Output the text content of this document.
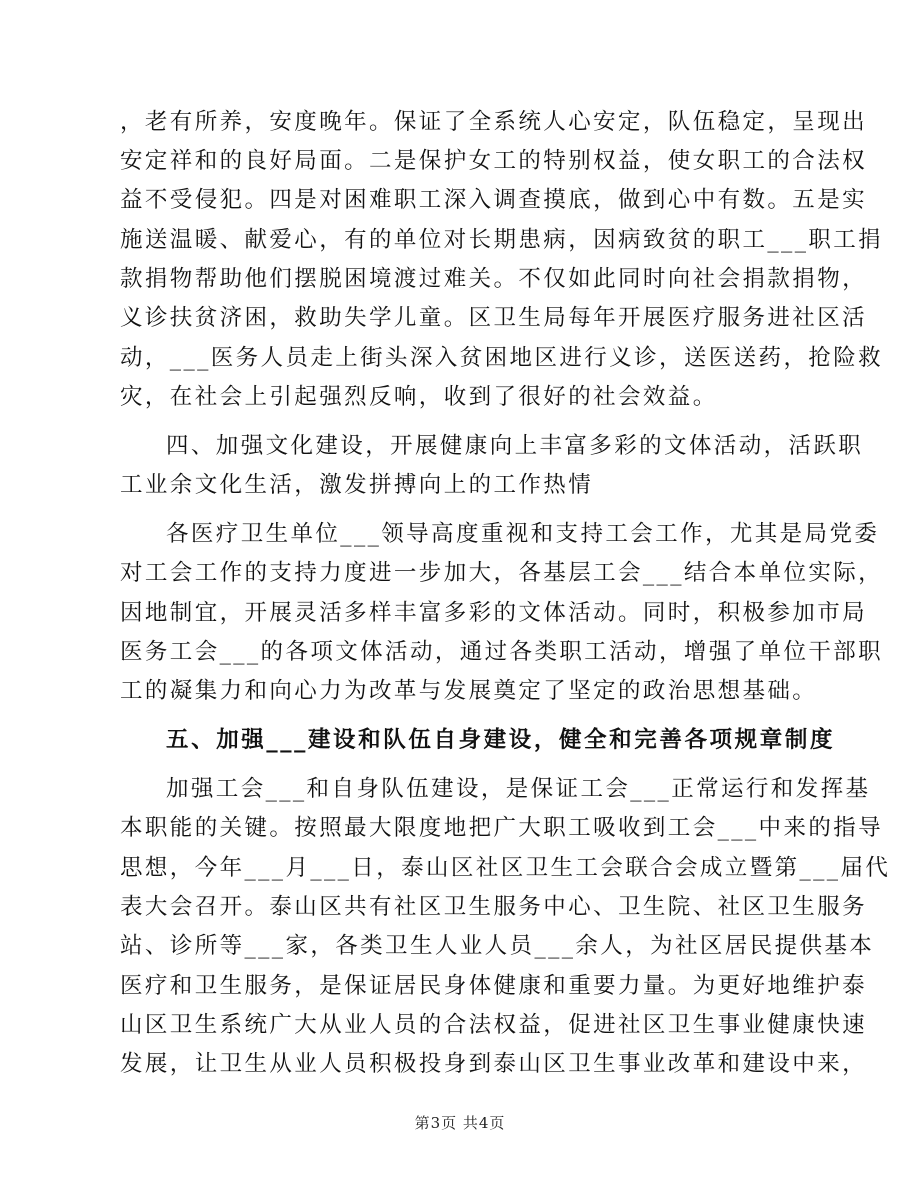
，老有所养，安度晚年。保证了全系统人心安定，队伍稳定，呈现出
安定祥和的良好局面。二是保护女工的特别权益，使女职工的合法权
益不受侵犯。四是对困难职工深入调查摸底，做到心中有数。五是实
施送温暖、献爱心，有的单位对长期患病，因病致贫的职工___职工捐
款捐物帮助他们摆脱困境渡过难关。不仅如此同时向社会捐款捐物，
义诊扶贫济困，救助失学儿童。区卫生局每年开展医疗服务进社区活
动，___医务人员走上街头深入贫困地区进行义诊，送医送药，抢险救
灾，在社会上引起强烈反响，收到了很好的社会效益。
四、加强文化建设，开展健康向上丰富多彩的文体活动，活跃职
工业余文化生活，激发拼搏向上的工作热情
各医疗卫生单位___领导高度重视和支持工会工作，尤其是局党委
对工会工作的支持力度进一步加大，各基层工会___结合本单位实际，
因地制宜，开展灵活多样丰富多彩的文体活动。同时，积极参加市局
医务工会___的各项文体活动，通过各类职工活动，增强了单位干部职
工的凝集力和向心力为改革与发展奠定了坚定的政治思想基础。
五、加强___建设和队伍自身建设，健全和完善各项规章制度
加强工会___和自身队伍建设，是保证工会___正常运行和发挥基
本职能的关键。按照最大限度地把广大职工吸收到工会___中来的指导
思想，今年___月___日，泰山区社区卫生工会联合会成立暨第___届代
表大会召开。泰山区共有社区卫生服务中心、卫生院、社区卫生服务
站、诊所等___家，各类卫生人业人员___余人，为社区居民提供基本
医疗和卫生服务，是保证居民身体健康和重要力量。为更好地维护泰
山区卫生系统广大从业人员的合法权益，促进社区卫生事业健康快速
发展，让卫生从业人员积极投身到泰山区卫生事业改革和建设中来，
第3页 共4页
